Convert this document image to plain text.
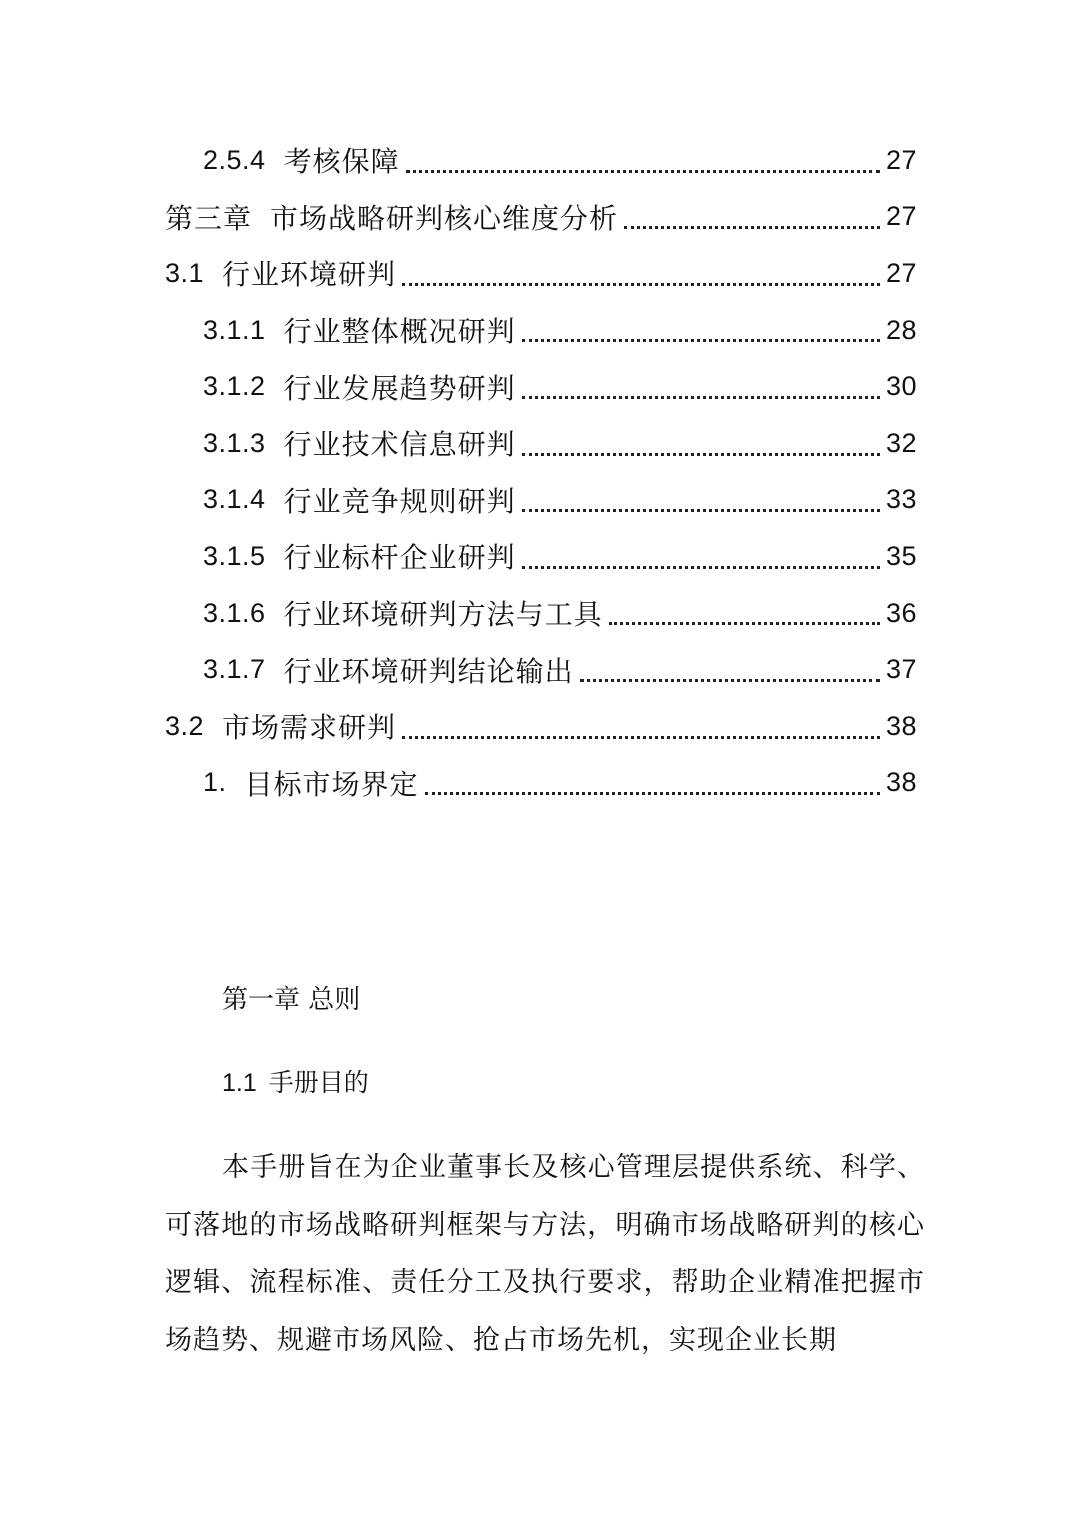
2.5.4 考核保障	27
第三章 市场战略研判核心维度分析	27
3.1 行业环境研判	27
3.1.1 行业整体概况研判	28
3.1.2 行业发展趋势研判	30
3.1.3 行业技术信息研判	32
3.1.4 行业竞争规则研判	33
3.1.5 行业标杆企业研判	35
3.1.6 行业环境研判方法与工具	36
3.1.7 行业环境研判结论输出	37
3.2 市场需求研判	38
1. 目标市场界定	38
第一章 总则
1.1 手册目的

本手册旨在为企业董事长及核心管理层提供系统、科学、可落地的市场战略研判框架与方法，明确市场战略研判的核心逻辑、流程标准、责任分工及执行要求，帮助企业精准把握市场趋势、规避市场风险、抢占市场先机，实现企业长期
